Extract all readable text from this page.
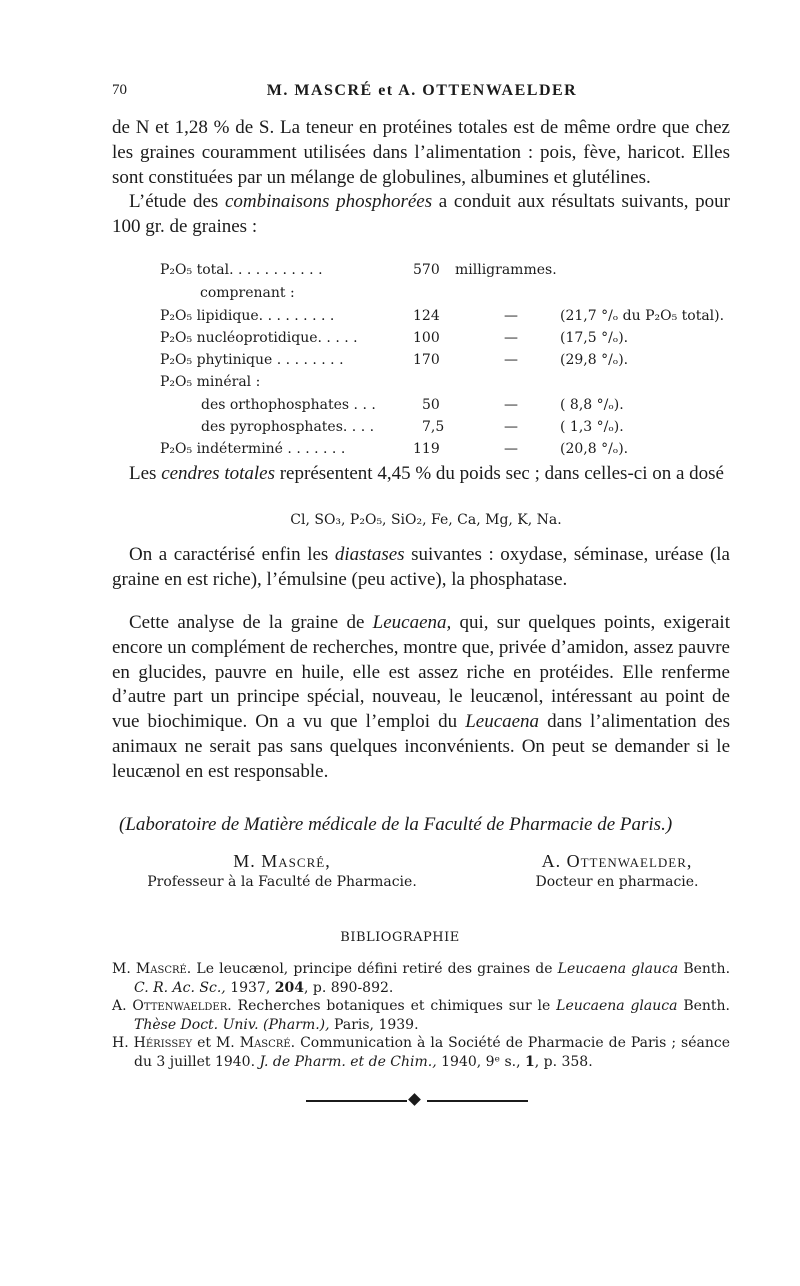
70	M. MASCRÉ et A. OTTENWAELDER

de N et 1,28 % de S. La teneur en protéines totales est de même ordre que chez les graines couramment utilisées dans l’alimentation : pois, fève, haricot. Elles sont constituées par un mélange de globulines, albumines et glutélines.

L’étude des combinaisons phosphorées a conduit aux résultats suivants, pour 100 gr. de graines :

P₂O₅ total. . . . . . . . . . .	570 milligrammes.
comprenant :
P₂O₅ lipidique. . . . . . . . .	124	—	(21,7 °/ₒ du P₂O₅ total).
P₂O₅ nucléoprotidique. . . . .	100	—	(17,5 °/ₒ).
P₂O₅ phytinique . . . . . . . .	170	—	(29,8 °/ₒ).
P₂O₅ minéral :
des orthophosphates . . .	50	—	( 8,8 °/ₒ).
des pyrophosphates. . . .	7,5	—	( 1,3 °/ₒ).
P₂O₅ indéterminé . . . . . . .	119	—	(20,8 °/ₒ).

Les cendres totales représentent 4,45 % du poids sec ; dans celles-ci on a dosé

Cl, SO₃, P₂O₅, SiO₂, Fe, Ca, Mg, K, Na.

On a caractérisé enfin les diastases suivantes : oxydase, séminase, uréase (la graine en est riche), l’émulsine (peu active), la phosphatase.

Cette analyse de la graine de Leucaena, qui, sur quelques points, exigerait encore un complément de recherches, montre que, privée d’amidon, assez pauvre en glucides, pauvre en huile, elle est assez riche en protéides. Elle renferme d’autre part un principe spécial, nouveau, le leucænol, intéressant au point de vue biochimique. On a vu que l’emploi du Leucaena dans l’alimentation des animaux ne serait pas sans quelques inconvénients. On peut se demander si le leucænol en est responsable.

(Laboratoire de Matière médicale de la Faculté de Pharmacie de Paris.)
M. Mascré,
Professeur à la Faculté de Pharmacie.
A. Ottenwaelder,
Docteur en pharmacie.
BIBLIOGRAPHIE

M. Mascré. Le leucænol, principe défini retiré des graines de Leucaena glauca Benth. C. R. Ac. Sc., 1937, 204, p. 890-892.

A. Ottenwaelder. Recherches botaniques et chimiques sur le Leucaena glauca Benth. Thèse Doct. Univ. (Pharm.), Paris, 1939.

H. Hérissey et M. Mascré. Communication à la Société de Pharmacie de Paris ; séance du 3 juillet 1940. J. de Pharm. et de Chim., 1940, 9ᵉ s., 1, p. 358.
